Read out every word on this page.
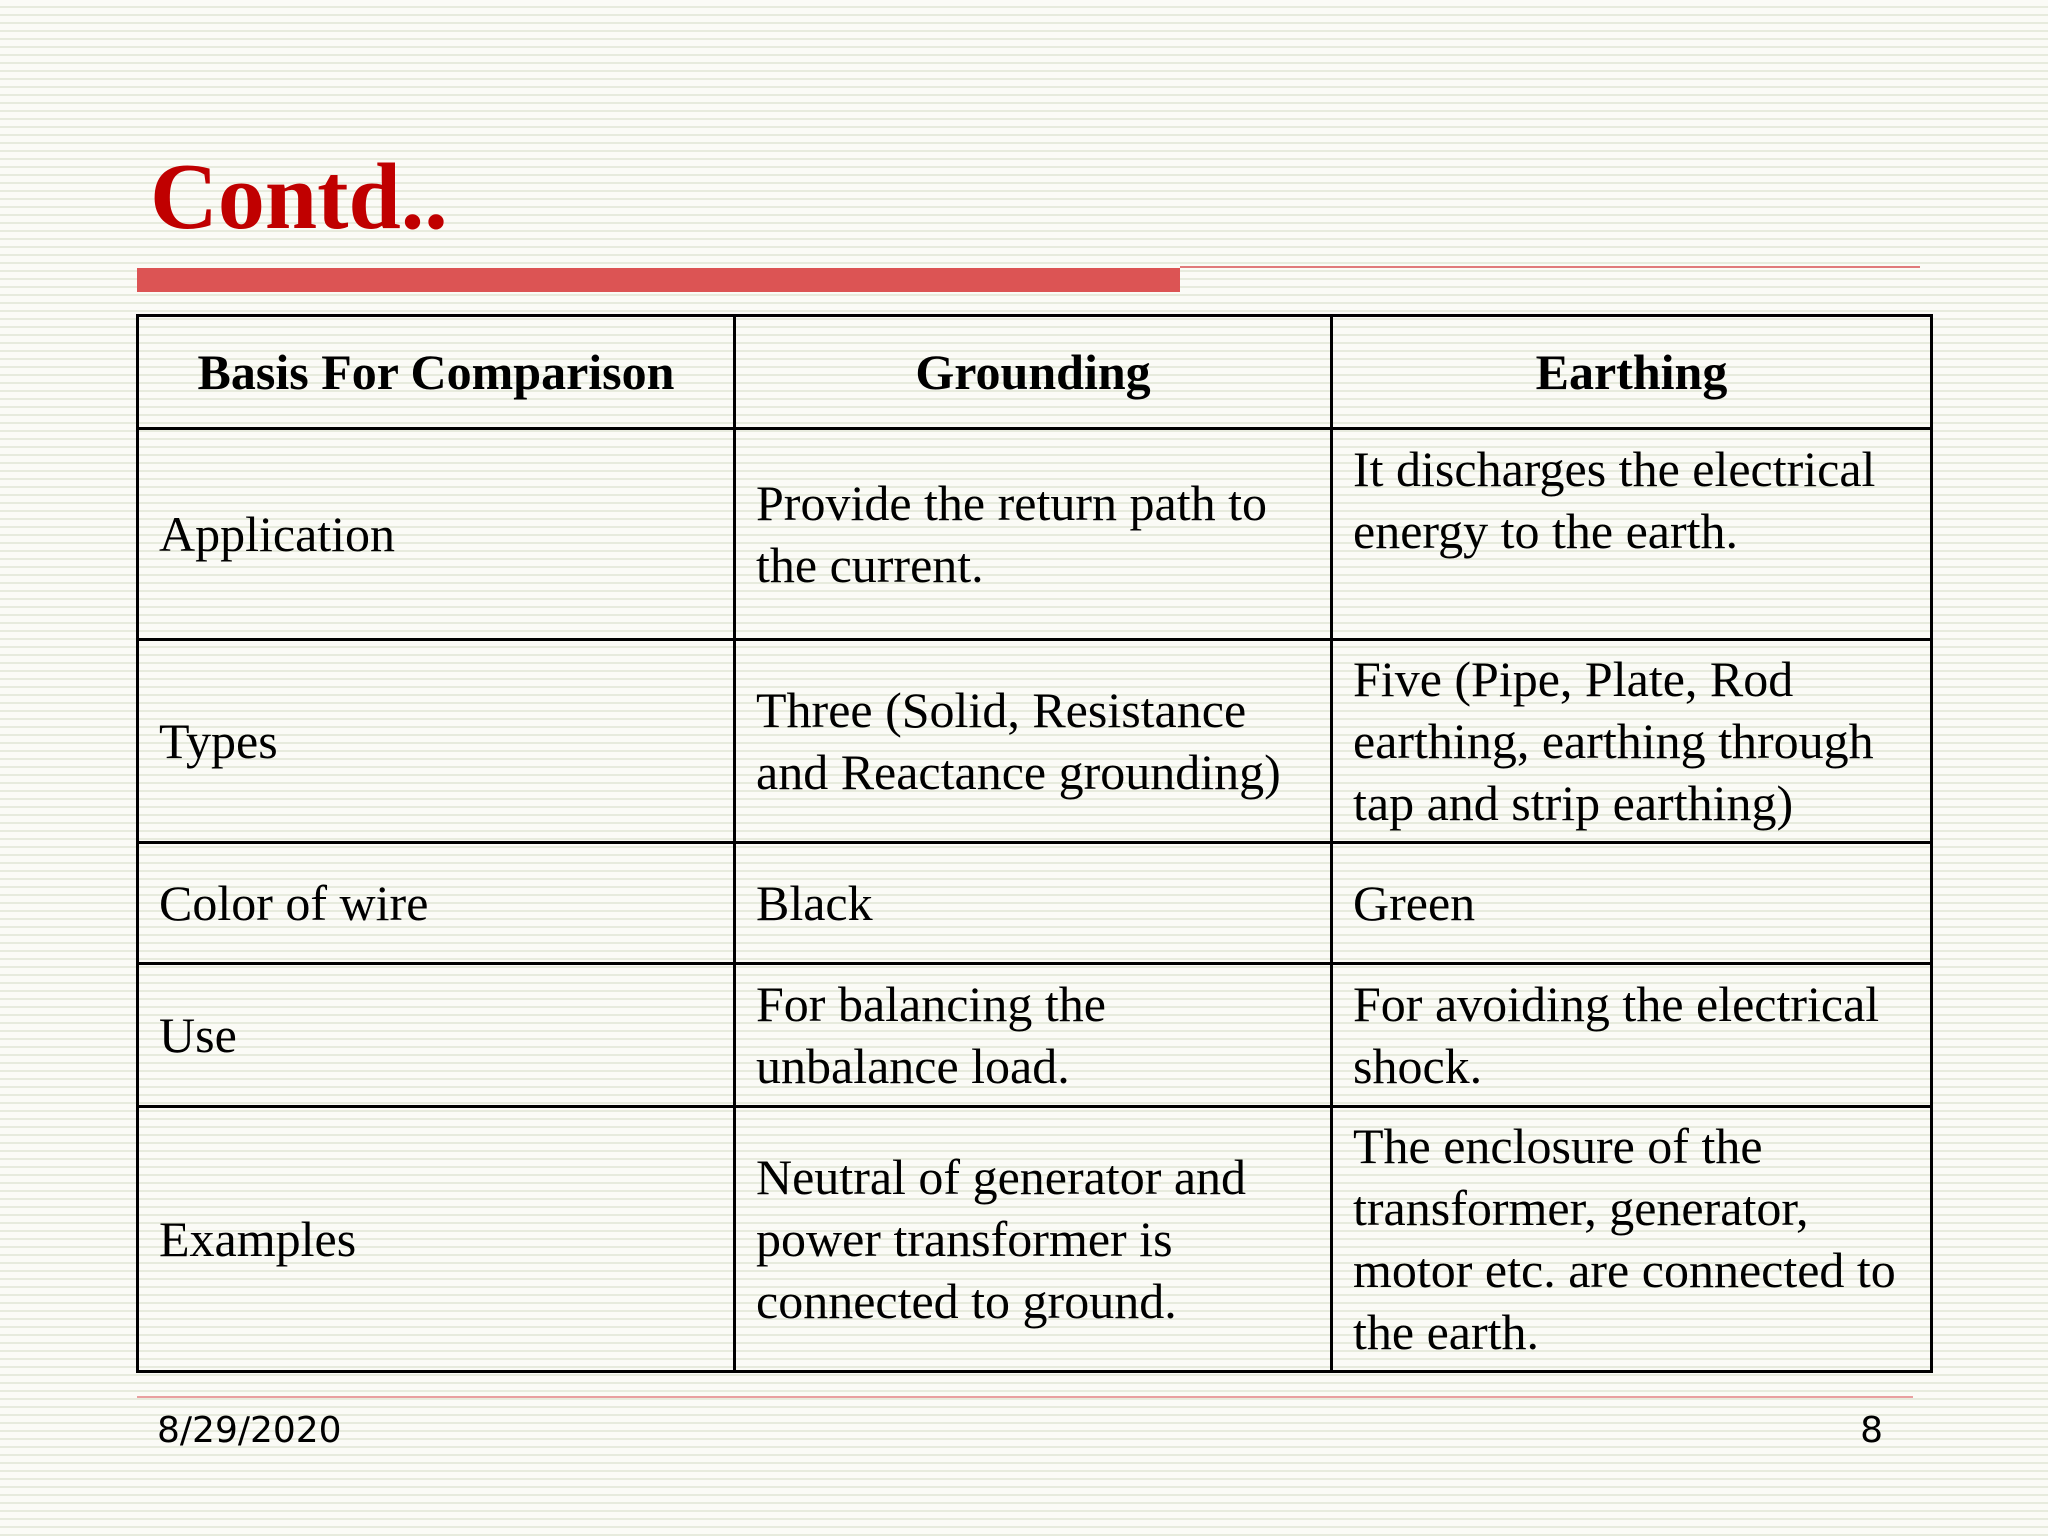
Contd..
Basis For Comparison	Grounding	Earthing
Application	Provide the return path to the current.	It discharges the electrical energy to the earth.
Types	Three (Solid, Resistance and Reactance grounding)	Five (Pipe, Plate, Rod earthing, earthing through tap and strip earthing)
Color of wire	Black	Green
Use	For balancing the unbalance load.	For avoiding the electrical shock.
Examples	Neutral of generator and power transformer is connected to ground.	The enclosure of the transformer, generator, motor etc. are connected to the earth.
8/29/2020	8
